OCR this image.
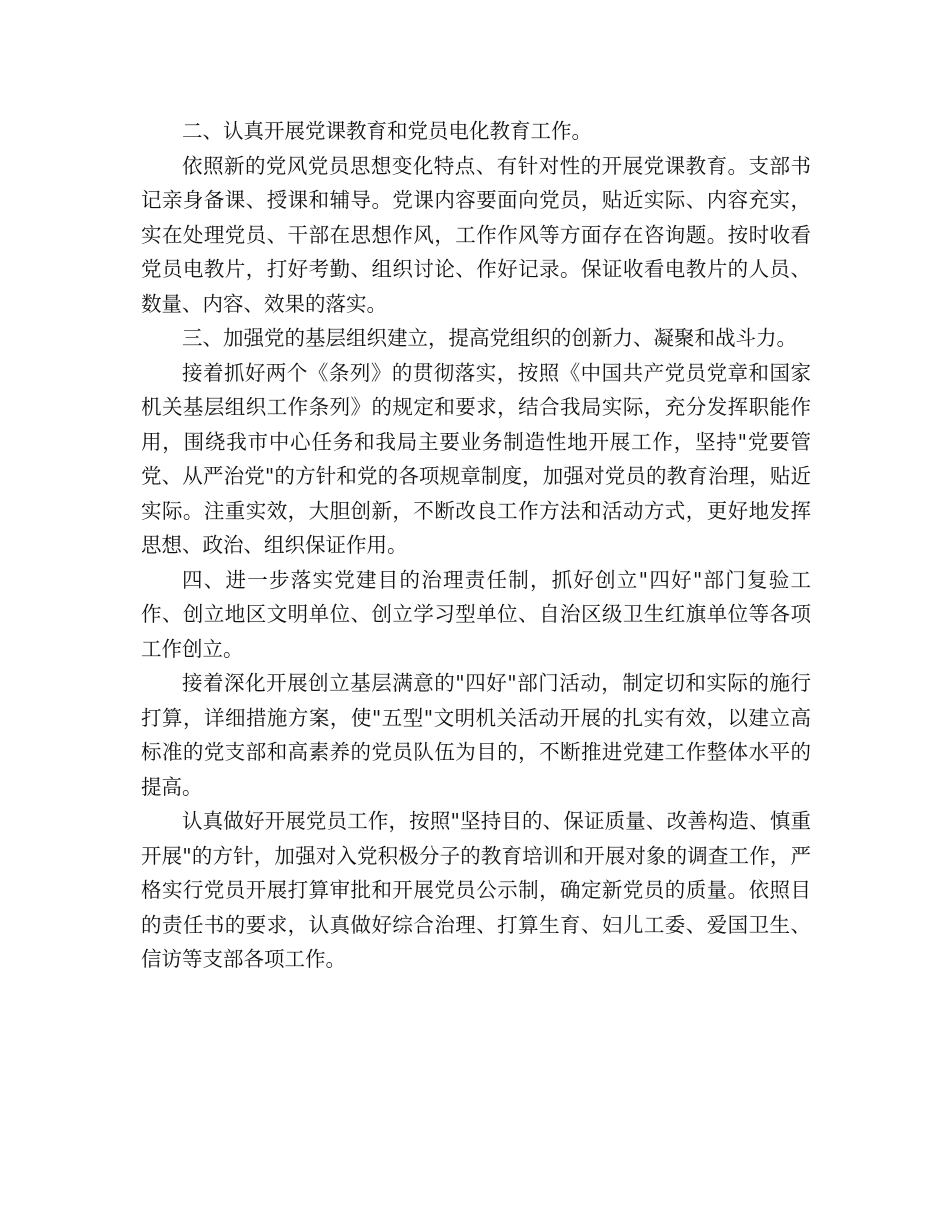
二、认真开展党课教育和党员电化教育工作。

依照新的党风党员思想变化特点、有针对性的开展党课教育。支部书记亲身备课、授课和辅导。党课内容要面向党员，贴近实际、内容充实，实在处理党员、干部在思想作风，工作作风等方面存在咨询题。按时收看党员电教片，打好考勤、组织讨论、作好记录。保证收看电教片的人员、数量、内容、效果的落实。

三、加强党的基层组织建立，提高党组织的创新力、凝聚和战斗力。

接着抓好两个《条列》的贯彻落实，按照《中国共产党员党章和国家机关基层组织工作条列》的规定和要求，结合我局实际，充分发挥职能作用，围绕我市中心任务和我局主要业务制造性地开展工作，坚持"党要管党、从严治党"的方针和党的各项规章制度，加强对党员的教育治理，贴近实际。注重实效，大胆创新，不断改良工作方法和活动方式，更好地发挥思想、政治、组织保证作用。

四、进一步落实党建目的治理责任制，抓好创立"四好"部门复验工作、创立地区文明单位、创立学习型单位、自治区级卫生红旗单位等各项工作创立。

接着深化开展创立基层满意的"四好"部门活动，制定切和实际的施行打算，详细措施方案，使"五型"文明机关活动开展的扎实有效，以建立高标准的党支部和高素养的党员队伍为目的，不断推进党建工作整体水平的提高。

认真做好开展党员工作，按照"坚持目的、保证质量、改善构造、慎重开展"的方针，加强对入党积极分子的教育培训和开展对象的调查工作，严格实行党员开展打算审批和开展党员公示制，确定新党员的质量。依照目的责任书的要求，认真做好综合治理、打算生育、妇儿工委、爱国卫生、信访等支部各项工作。
